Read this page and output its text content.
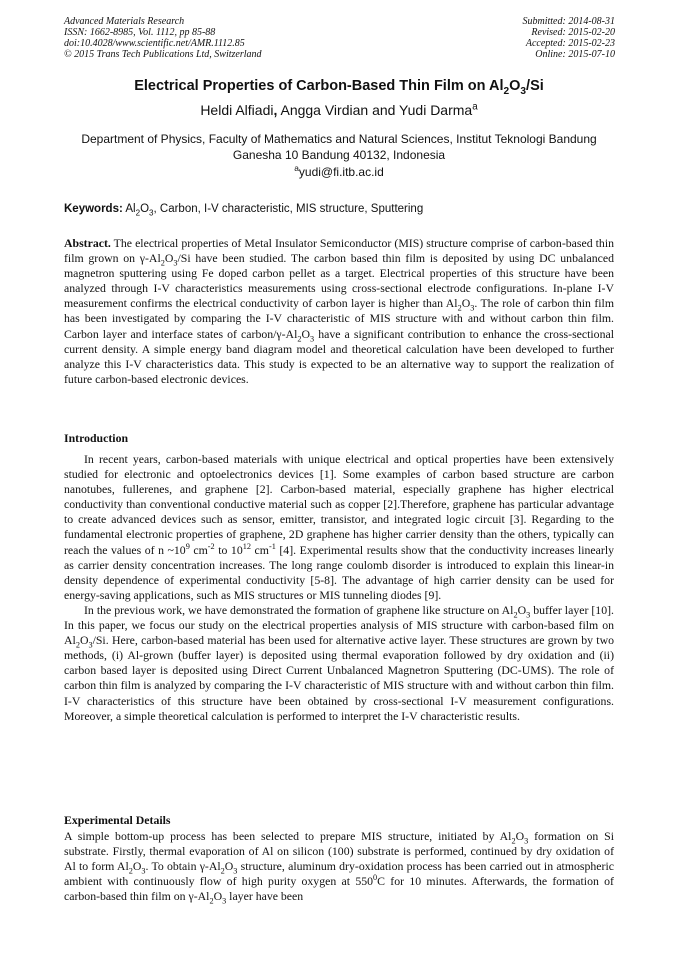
Advanced Materials Research
ISSN: 1662-8985, Vol. 1112, pp 85-88
doi:10.4028/www.scientific.net/AMR.1112.85
© 2015 Trans Tech Publications Ltd, Switzerland
Submitted: 2014-08-31
Revised: 2015-02-20
Accepted: 2015-02-23
Online: 2015-07-10
Electrical Properties of Carbon-Based Thin Film on $Al_2O_3/Si$
Heldi Alfiadi, Angga Virdian and Yudi Darma$^a$
Department of Physics, Faculty of Mathematics and Natural Sciences, Institut Teknologi Bandung
Ganesha 10 Bandung 40132, Indonesia
$^a$yudi@fi.itb.ac.id
Keywords: $Al_2O_3$, Carbon, I-V characteristic, MIS structure, Sputtering

Abstract. The electrical properties of Metal Insulator Semiconductor (MIS) structure comprise of carbon-based thin film grown on $\gamma-Al_2O_3/Si$ have been studied. The carbon based thin film is deposited by using DC unbalanced magnetron sputtering using Fe doped carbon pellet as a target. Electrical properties of this structure have been analyzed through I-V characteristics measurements using cross-sectional electrode configurations. In-plane I-V measurement confirms the electrical conductivity of carbon layer is higher than $Al_2O_3$. The role of carbon thin film has been investigated by comparing the I-V characteristic of MIS structure with and without carbon thin film. Carbon layer and interface states of carbon/$\gamma-Al_2O_3$ have a significant contribution to enhance the cross-sectional current density. A simple energy band diagram model and theoretical calculation have been developed to further analyze this I-V characteristics data. This study is expected to be an alternative way to support the realization of future carbon-based electronic devices.

Introduction

In recent years, carbon-based materials with unique electrical and optical properties have been extensively studied for electronic and optoelectronics devices [1]. Some examples of carbon based structure are carbon nanotubes, fullerenes, and graphene [2]. Carbon-based material, especially graphene has higher electrical conductivity than conventional conductive material such as copper [2].Therefore, graphene has particular advantage to create advanced devices such as sensor, emitter, transistor, and integrated logic circuit [3]. Regarding to the fundamental electronic properties of graphene, 2D graphene has higher carrier density than the others, typically can reach the values of n $\sim 10^9$ $cm^{-2}$ to $10^{12}$ $cm^{-1}$ [4]. Experimental results show that the conductivity increases linearly as carrier density concentration increases. The long range coulomb disorder is introduced to explain this linear-in density dependence of experimental conductivity [5-8]. The advantage of high carrier density can be used for energy-saving applications, such as MIS structures or MIS tunneling diodes [9].

In the previous work, we have demonstrated the formation of graphene like structure on $Al_2O_3$ buffer layer [10]. In this paper, we focus our study on the electrical properties analysis of MIS structure with carbon-based film on $Al_2O_3/Si$. Here, carbon-based material has been used for alternative active layer. These structures are grown by two methods, (i) Al-grown (buffer layer) is deposited using thermal evaporation followed by dry oxidation and (ii) carbon based layer is deposited using Direct Current Unbalanced Magnetron Sputtering (DC-UMS). The role of carbon thin film is analyzed by comparing the I-V characteristic of MIS structure with and without carbon thin film. I-V characteristics of this structure have been obtained by cross-sectional I-V measurement configurations. Moreover, a simple theoretical calculation is performed to interpret the I-V characteristic results.

Experimental Details

A simple bottom-up process has been selected to prepare MIS structure, initiated by $Al_2O_3$ formation on Si substrate. Firstly, thermal evaporation of Al on silicon (100) substrate is performed, continued by dry oxidation of Al to form $Al_2O_3$. To obtain $\gamma-Al_2O_3$ structure, aluminum dry-oxidation process has been carried out in atmospheric ambient with continuously flow of high purity oxygen at $550^0C$ for 10 minutes. Afterwards, the formation of carbon-based thin film on $\gamma-Al_2O_3$ layer have been
